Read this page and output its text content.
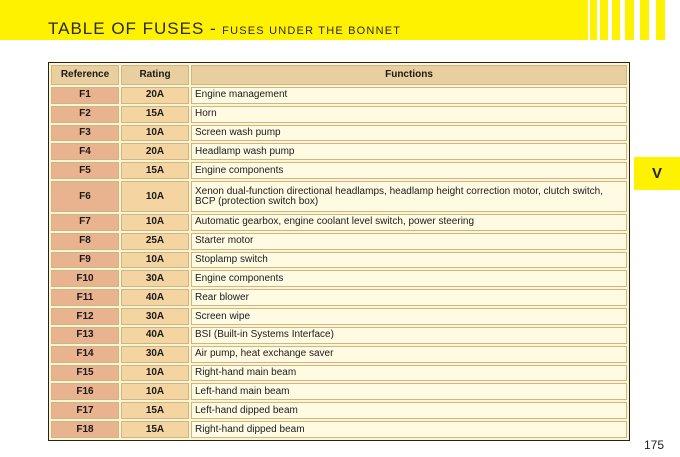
TABLE OF FUSES - FUSES UNDER THE BONNET
V
Reference	Rating	Functions
F1	20A	Engine management
F2	15A	Horn
F3	10A	Screen wash pump
F4	20A	Headlamp wash pump
F5	15A	Engine components
F6	10A	Xenon dual-function directional headlamps, headlamp height correction motor, clutch switch, BCP (protection switch box)
F7	10A	Automatic gearbox, engine coolant level switch, power steering
F8	25A	Starter motor
F9	10A	Stoplamp switch
F10	30A	Engine components
F11	40A	Rear blower
F12	30A	Screen wipe
F13	40A	BSI (Built-in Systems Interface)
F14	30A	Air pump, heat exchange saver
F15	10A	Right-hand main beam
F16	10A	Left-hand main beam
F17	15A	Left-hand dipped beam
F18	15A	Right-hand dipped beam
175
